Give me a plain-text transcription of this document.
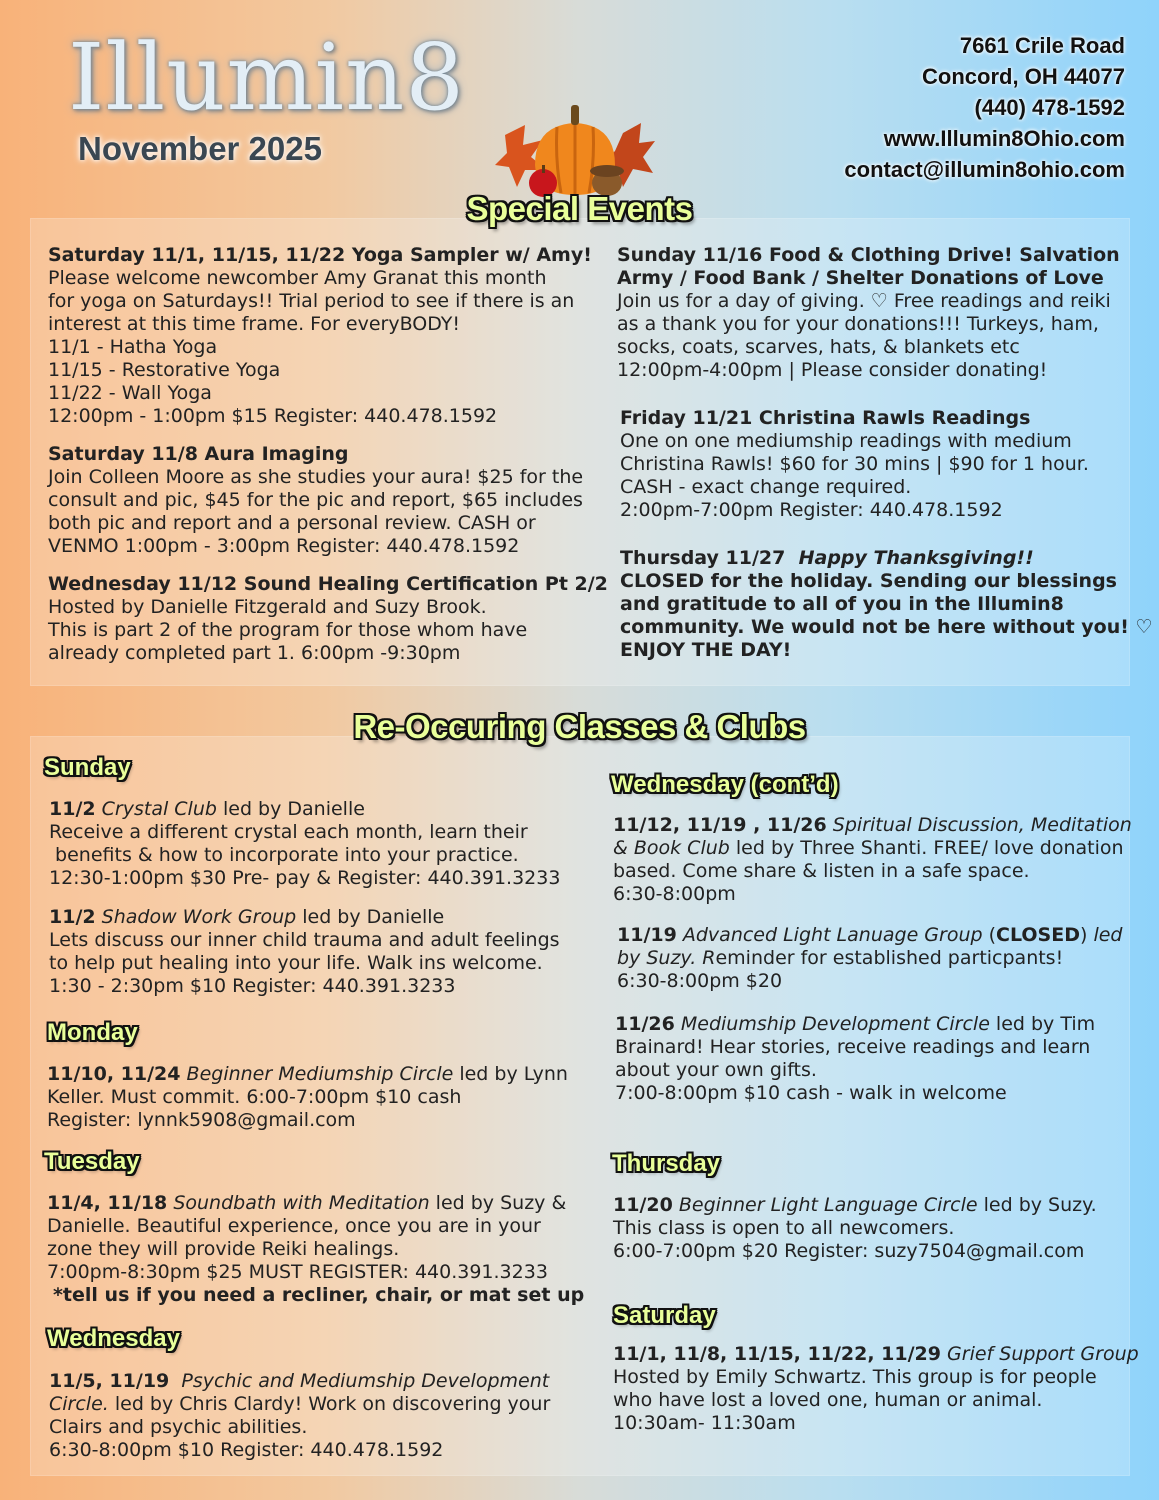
Illumin8
November 2025
7661 Crile Road
Concord, OH 44077
(440) 478-1592
www.Illumin8Ohio.com
contact@illumin8ohio.com
Special Events

Saturday 11/1, 11/15, 11/22 Yoga Sampler w/ Amy!

Please welcome newcomber Amy Granat this month

for yoga on Saturdays!! Trial period to see if there is an

interest at this time frame. For everyBODY!

11/1 - Hatha Yoga

11/15 - Restorative Yoga

11/22 - Wall Yoga

12:00pm - 1:00pm $15 Register: 440.478.1592

Saturday 11/8 Aura Imaging

Join Colleen Moore as she studies your aura! $25 for the

consult and pic, $45 for the pic and report, $65 includes

both pic and report and a personal review. CASH or

VENMO 1:00pm - 3:00pm Register: 440.478.1592

Wednesday 11/12 Sound Healing Certification Pt 2/2

Hosted by Danielle Fitzgerald and Suzy Brook.

This is part 2 of the program for those whom have

already completed part 1. 6:00pm -9:30pm

Sunday 11/16 Food & Clothing Drive! Salvation

Army / Food Bank / Shelter Donations of Love

Join us for a day of giving. ♡ Free readings and reiki

as a thank you for your donations!!! Turkeys, ham,

socks, coats, scarves, hats, & blankets etc

12:00pm-4:00pm | Please consider donating!

Friday 11/21 Christina Rawls Readings

One on one mediumship readings with medium

Christina Rawls! $60 for 30 mins | $90 for 1 hour.

CASH - exact change required.

2:00pm-7:00pm Register: 440.478.1592

Thursday 11/27 Happy Thanksgiving!!

CLOSED for the holiday. Sending our blessings

and gratitude to all of you in the Illumin8

community. We would not be here without you! ♡

ENJOY THE DAY!

Re-Occuring Classes & Clubs
Sunday

11/2 Crystal Club led by Danielle

Receive a different crystal each month, learn their

benefits & how to incorporate into your practice.

12:30-1:00pm $30 Pre- pay & Register: 440.391.3233

11/2 Shadow Work Group led by Danielle

Lets discuss our inner child trauma and adult feelings

to help put healing into your life. Walk ins welcome.

1:30 - 2:30pm $10 Register: 440.391.3233

Monday

11/10, 11/24 Beginner Mediumship Circle led by Lynn

Keller. Must commit. 6:00-7:00pm $10 cash

Register: lynnk5908@gmail.com

Tuesday

11/4, 11/18 Soundbath with Meditation led by Suzy &

Danielle. Beautiful experience, once you are in your

zone they will provide Reiki healings.

7:00pm-8:30pm $25 MUST REGISTER: 440.391.3233

*tell us if you need a recliner, chair, or mat set up

Wednesday

11/5, 11/19 Psychic and Mediumship Development

Circle. led by Chris Clardy! Work on discovering your

Clairs and psychic abilities.

6:30-8:00pm $10 Register: 440.478.1592

Wednesday (cont’d)

11/12, 11/19 , 11/26 Spiritual Discussion, Meditation

& Book Club led by Three Shanti. FREE/ love donation

based. Come share & listen in a safe space.

6:30-8:00pm

11/19 Advanced Light Lanuage Group (CLOSED) led

by Suzy. Reminder for established particpants!

6:30-8:00pm $20

11/26 Mediumship Development Circle led by Tim

Brainard! Hear stories, receive readings and learn

about your own gifts.

7:00-8:00pm $10 cash - walk in welcome

Thursday

11/20 Beginner Light Language Circle led by Suzy.

This class is open to all newcomers.

6:00-7:00pm $20 Register: suzy7504@gmail.com

Saturday

11/1, 11/8, 11/15, 11/22, 11/29 Grief Support Group

Hosted by Emily Schwartz. This group is for people

who have lost a loved one, human or animal.

10:30am- 11:30am
